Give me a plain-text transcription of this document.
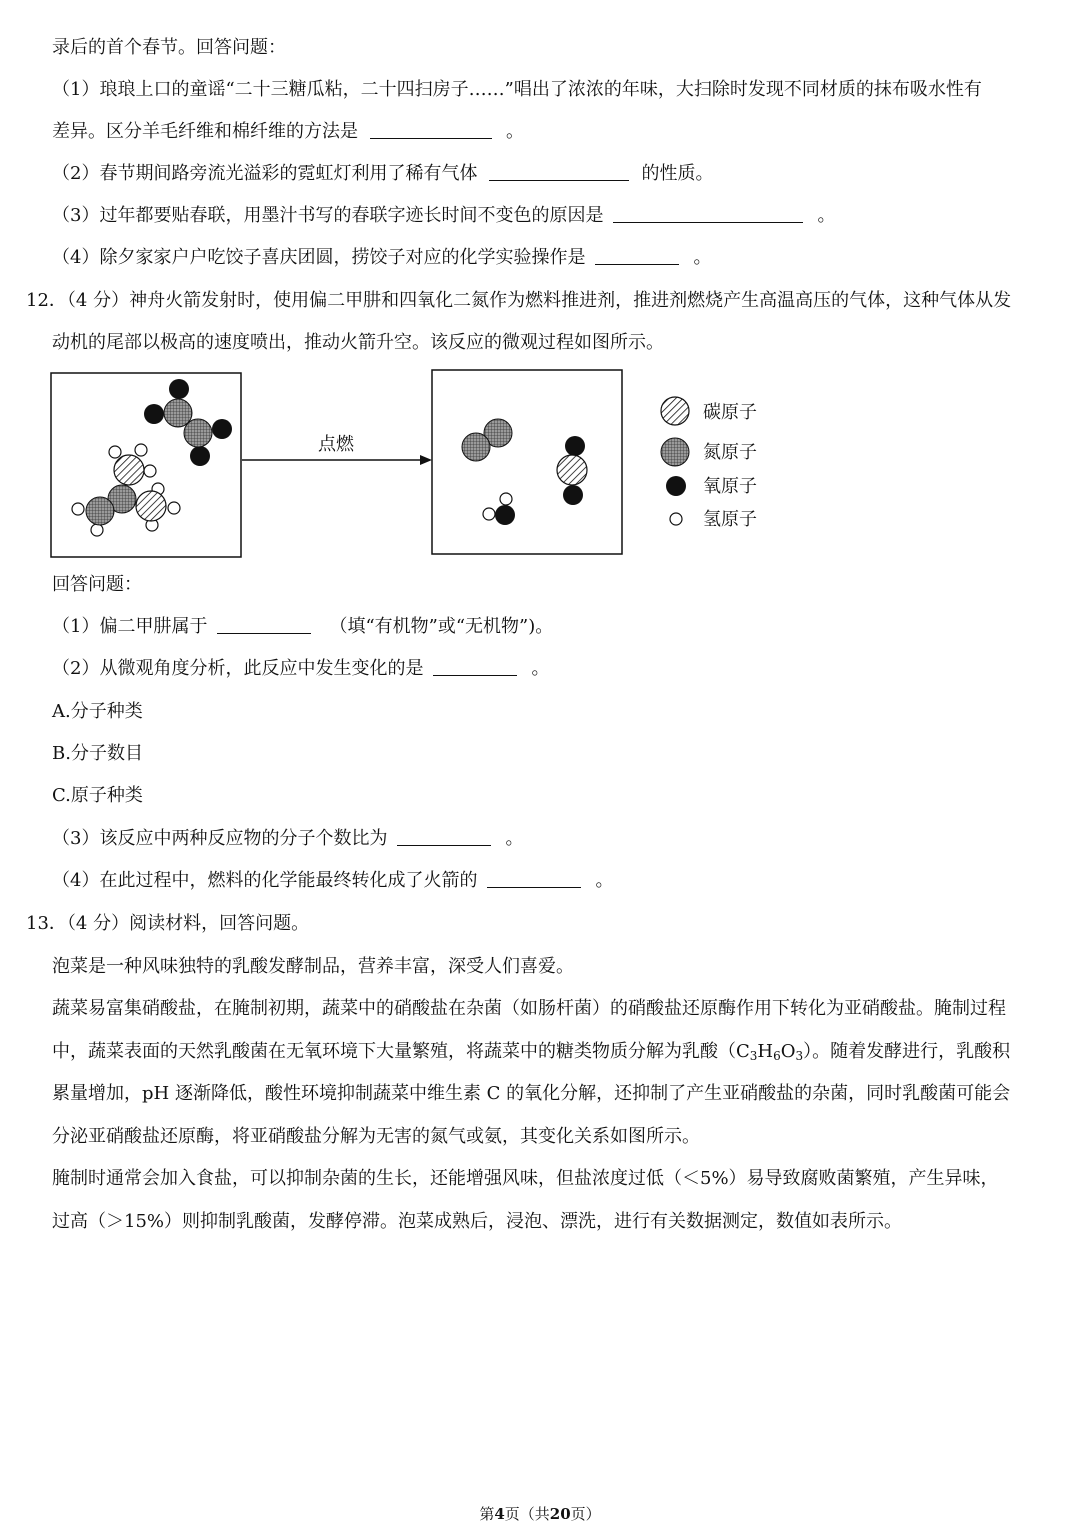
录后的首个春节。回答问题：
（1）琅琅上口的童谣“二十三糖瓜粘，二十四扫房子……”唱出了浓浓的年味，大扫除时发现不同材质的抹布吸水性有
差异。区分羊毛纤维和棉纤维的方法是	。
（2）春节期间路旁流光溢彩的霓虹灯利用了稀有气体	的性质。
（3）过年都要贴春联，用墨汁书写的春联字迹长时间不变色的原因是	。
（4）除夕家家户户吃饺子喜庆团圆，捞饺子对应的化学实验操作是	。
12．（4 分）神舟火箭发射时，使用偏二甲肼和四氧化二氮作为燃料推进剂，推进剂燃烧产生高温高压的气体，这种气体从发
动机的尾部以极高的速度喷出，推动火箭升空。该反应的微观过程如图所示。
点燃
碳原子
氮原子
氧原子
氢原子
回答问题：
（1）偏二甲肼属于	（填“有机物”或“无机物”)。
（2）从微观角度分析，此反应中发生变化的是	。
A.分子种类
B.分子数目
C.原子种类
（3）该反应中两种反应物的分子个数比为	。
（4）在此过程中，燃料的化学能最终转化成了火箭的	。
13．（4 分）阅读材料，回答问题。
泡菜是一种风味独特的乳酸发酵制品，营养丰富，深受人们喜爱。
蔬菜易富集硝酸盐，在腌制初期，蔬菜中的硝酸盐在杂菌（如肠杆菌）的硝酸盐还原酶作用下转化为亚硝酸盐。腌制过程
中，蔬菜表面的天然乳酸菌在无氧环境下大量繁殖，将蔬菜中的糖类物质分解为乳酸$(C_3H_6O_3)$。随着发酵进行，乳酸积
累量增加，pH 逐渐降低，酸性环境抑制蔬菜中维生素 C 的氧化分解，还抑制了产生亚硝酸盐的杂菌，同时乳酸菌可能会
分泌亚硝酸盐还原酶，将亚硝酸盐分解为无害的氮气或氨，其变化关系如图所示。
腌制时通常会加入食盐，可以抑制杂菌的生长，还能增强风味，但盐浓度过低（＜5%）易导致腐败菌繁殖，产生异味，
过高（＞15%）则抑制乳酸菌，发酵停滞。泡菜成熟后，浸泡、漂洗，进行有关数据测定，数值如表所示。
第4页（共20页）
